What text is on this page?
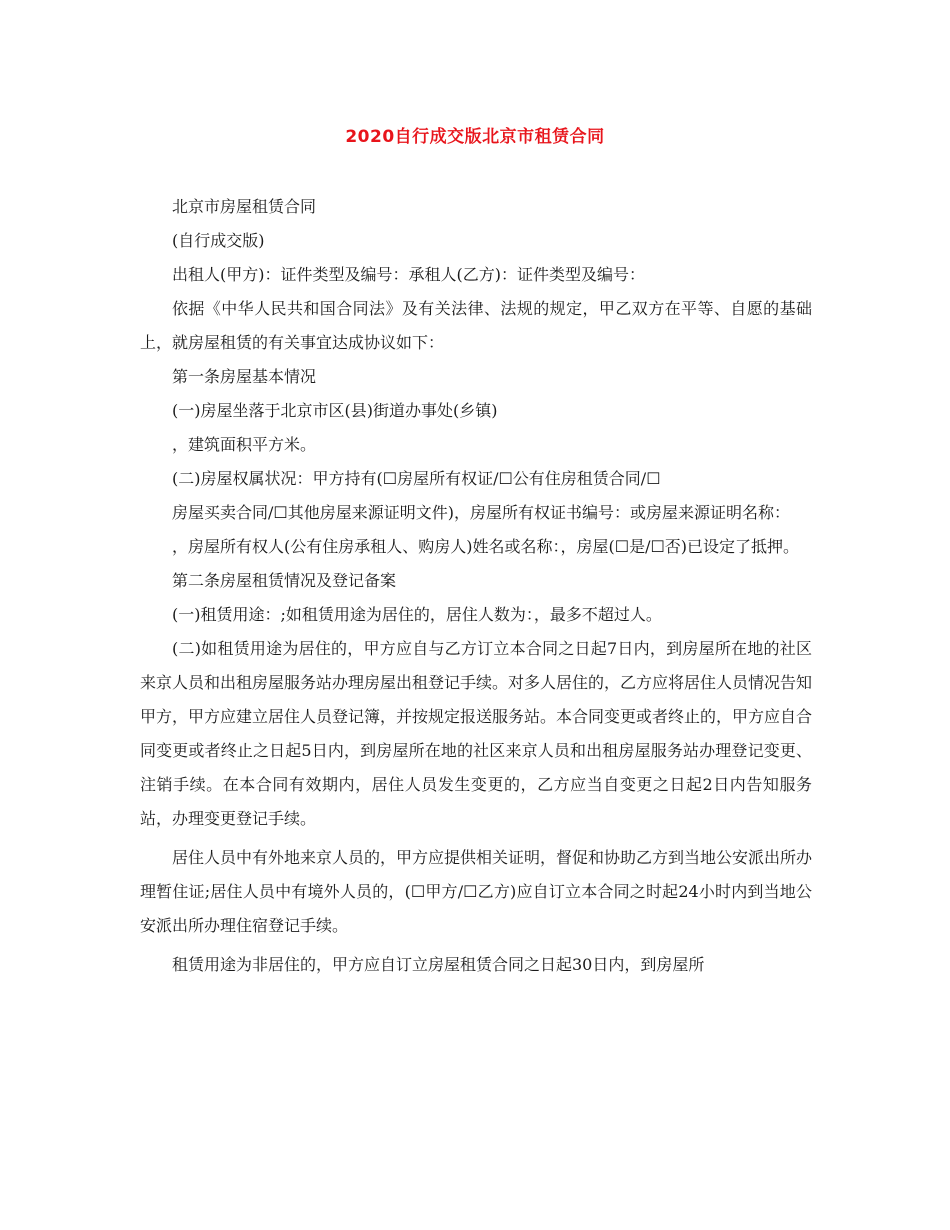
2020自行成交版北京市租赁合同

北京市房屋租赁合同

(自行成交版)

出租人(甲方)：证件类型及编号：承租人(乙方)：证件类型及编号：

依据《中华人民共和国合同法》及有关法律、法规的规定，甲乙双方在平等、自愿的基础上，就房屋租赁的有关事宜达成协议如下：

第一条房屋基本情况

(一)房屋坐落于北京市区(县)街道办事处(乡镇)

，建筑面积平方米。

(二)房屋权属状况：甲方持有(☐房屋所有权证/☐公有住房租赁合同/☐

房屋买卖合同/☐其他房屋来源证明文件)，房屋所有权证书编号：或房屋来源证明名称：

，房屋所有权人(公有住房承租人、购房人)姓名或名称：，房屋(☐是/☐否)已设定了抵押。

第二条房屋租赁情况及登记备案

(一)租赁用途：;如租赁用途为居住的，居住人数为：，最多不超过人。

(二)如租赁用途为居住的，甲方应自与乙方订立本合同之日起7日内，到房屋所在地的社区来京人员和出租房屋服务站办理房屋出租登记手续。对多人居住的，乙方应将居住人员情况告知甲方，甲方应建立居住人员登记簿，并按规定报送服务站。本合同变更或者终止的，甲方应自合同变更或者终止之日起5日内，到房屋所在地的社区来京人员和出租房屋服务站办理登记变更、注销手续。在本合同有效期内，居住人员发生变更的，乙方应当自变更之日起2日内告知服务站，办理变更登记手续。

居住人员中有外地来京人员的，甲方应提供相关证明，督促和协助乙方到当地公安派出所办理暂住证;居住人员中有境外人员的，(☐甲方/☐乙方)应自订立本合同之时起24小时内到当地公安派出所办理住宿登记手续。

租赁用途为非居住的，甲方应自订立房屋租赁合同之日起30日内，到房屋所
